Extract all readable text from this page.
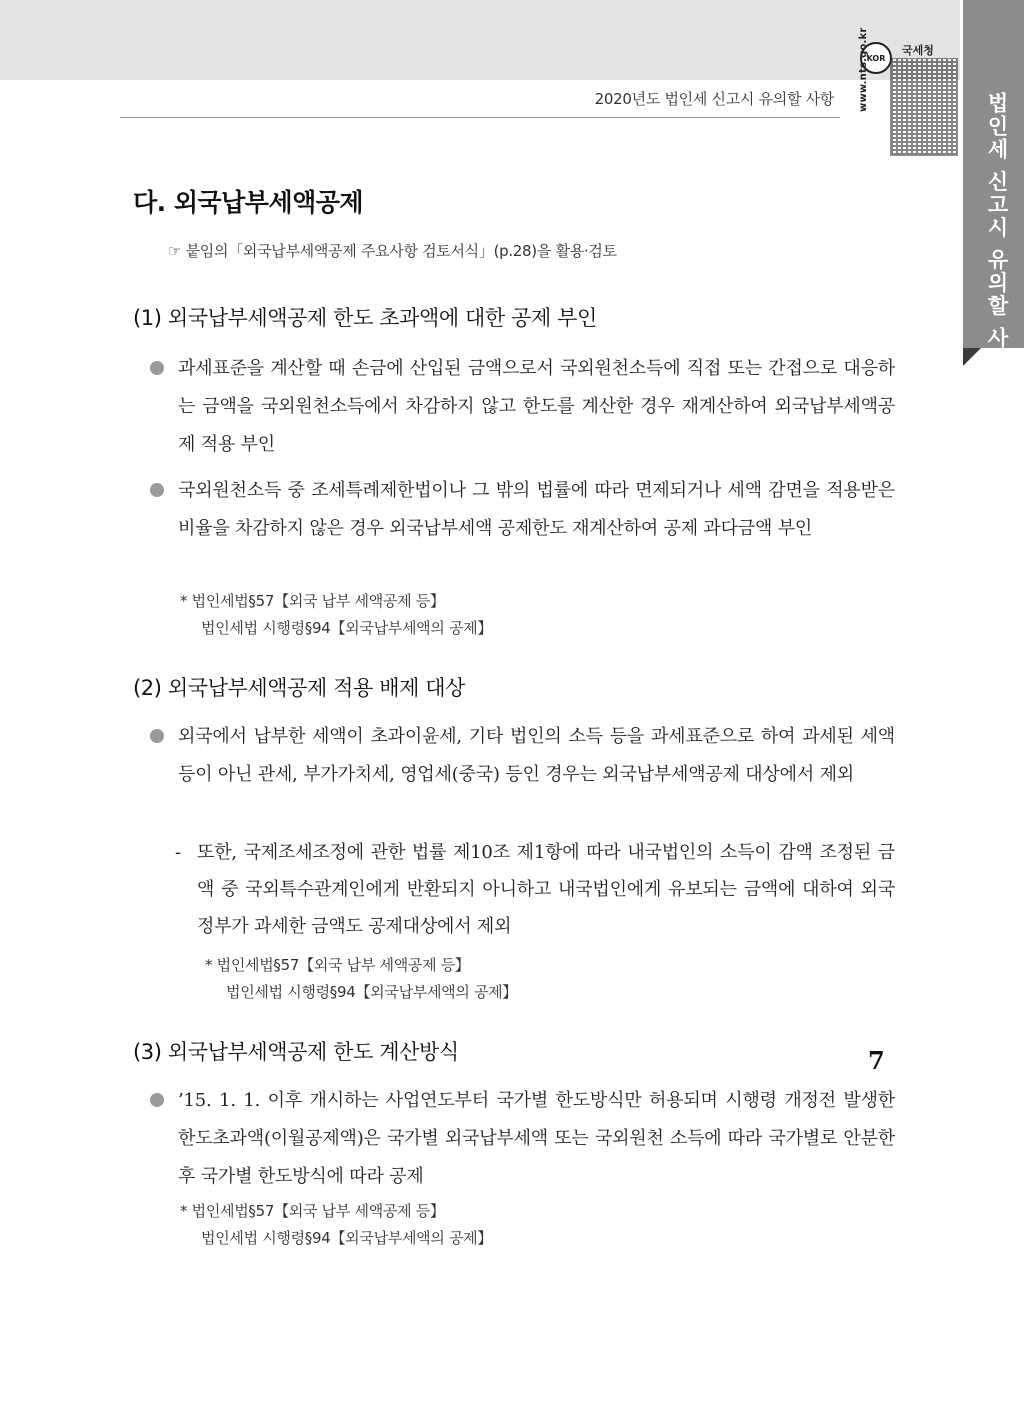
2020년도 법인세 신고시 유의할 사항
KOR
국세청
www.nts.go.kr
법인세 신고시 유의할 사항
다. 외국납부세액공제
☞ 붙임의「외국납부세액공제 주요사항 검토서식」(p.28)을 활용·검토
(1) 외국납부세액공제 한도 초과액에 대한 공제 부인
과세표준을 계산할 때 손금에 산입된 금액으로서 국외원천소득에 직접 또는 간접으로 대응하는 금액을 국외원천소득에서 차감하지 않고 한도를 계산한 경우 재계산하여 외국납부세액공제 적용 부인
국외원천소득 중 조세특례제한법이나 그 밖의 법률에 따라 면제되거나 세액 감면을 적용받은 비율을 차감하지 않은 경우 외국납부세액 공제한도 재계산하여 공제 과다금액 부인
* 법인세법§57【외국 납부 세액공제 등】
법인세법 시행령§94【외국납부세액의 공제】
(2) 외국납부세액공제 적용 배제 대상
외국에서 납부한 세액이 초과이윤세, 기타 법인의 소득 등을 과세표준으로 하여 과세된 세액 등이 아닌 관세, 부가가치세, 영업세(중국) 등인 경우는 외국납부세액공제 대상에서 제외
- 또한, 국제조세조정에 관한 법률 제10조 제1항에 따라 내국법인의 소득이 감액 조정된 금액 중 국외특수관계인에게 반환되지 아니하고 내국법인에게 유보되는 금액에 대하여 외국정부가 과세한 금액도 공제대상에서 제외
* 법인세법§57【외국 납부 세액공제 등】
법인세법 시행령§94【외국납부세액의 공제】
(3) 외국납부세액공제 한도 계산방식
’15. 1. 1. 이후 개시하는 사업연도부터 국가별 한도방식만 허용되며 시행령 개정전 발생한 한도초과액(이월공제액)은 국가별 외국납부세액 또는 국외원천 소득에 따라 국가별로 안분한 후 국가별 한도방식에 따라 공제
* 법인세법§57【외국 납부 세액공제 등】
법인세법 시행령§94【외국납부세액의 공제】
7
